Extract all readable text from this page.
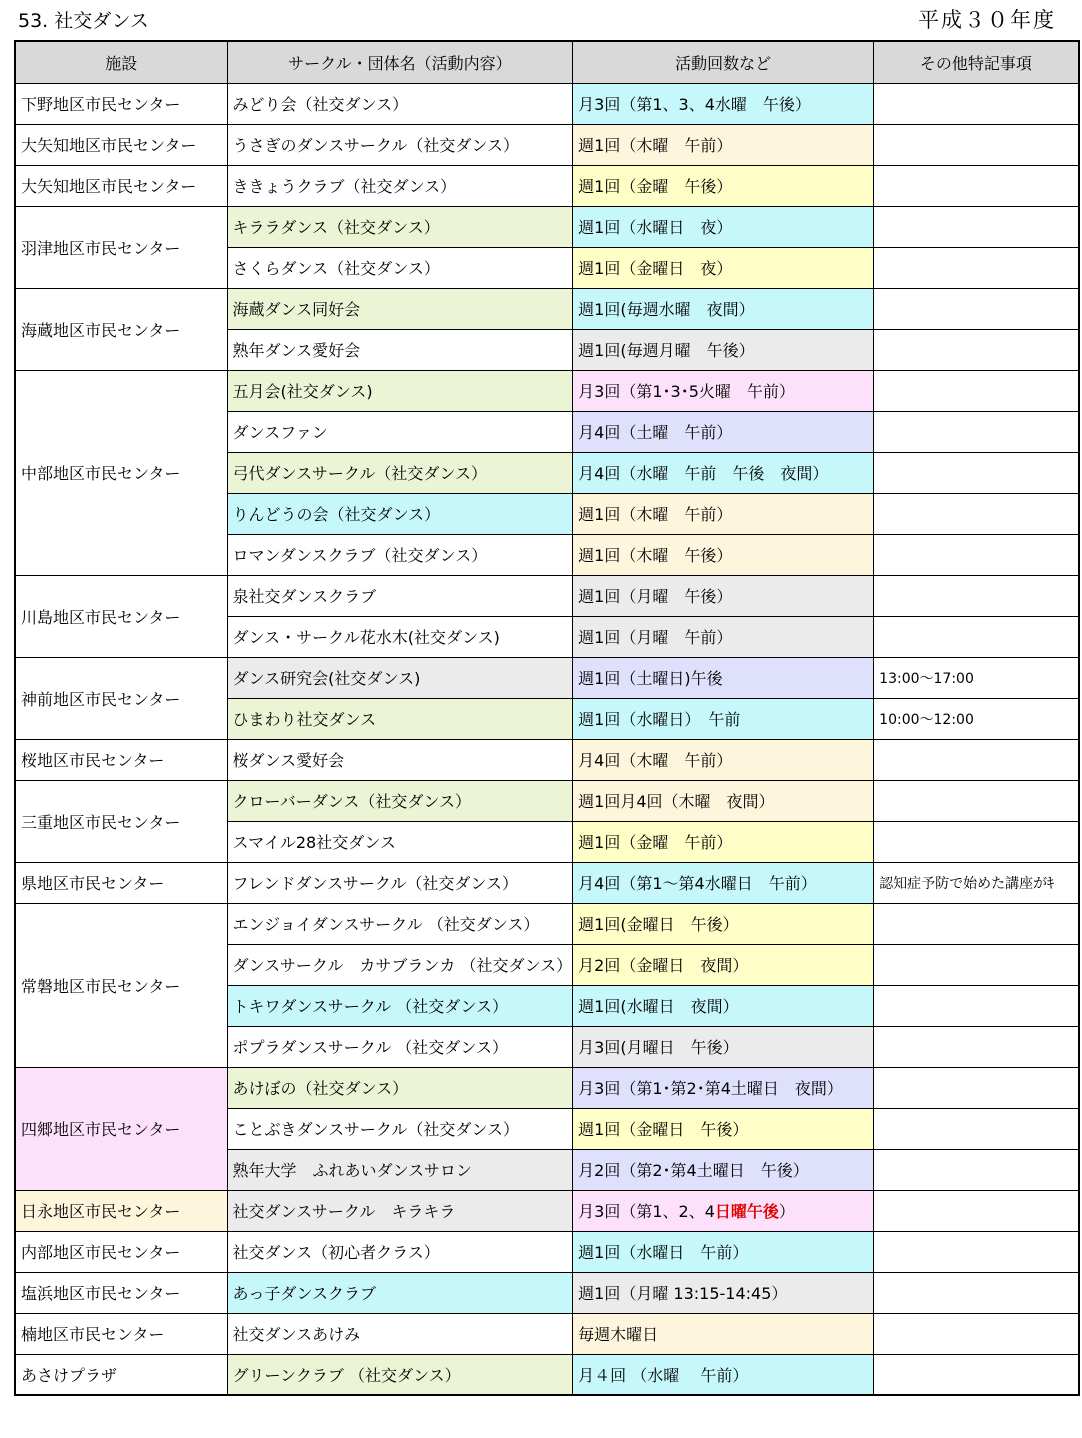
53. 社交ダンス	平成３０年度
施設	サークル・団体名（活動内容）	活動回数など	その他特記事項
下野地区市民センター	みどり会（社交ダンス）	月3回（第1、3、4水曜　午後）	
大矢知地区市民センター	うさぎのダンスサークル（社交ダンス）	週1回（木曜　午前）	
大矢知地区市民センター	ききょうクラブ（社交ダンス）	週1回（金曜　午後）	
羽津地区市民センター	キララダンス（社交ダンス）	週1回（水曜日　夜）	
	さくらダンス（社交ダンス）	週1回（金曜日　夜）	
海蔵地区市民センター	海蔵ダンス同好会	週1回(毎週水曜　夜間）	
	熟年ダンス愛好会	週1回(毎週月曜　午後）	
中部地区市民センター	五月会(社交ダンス)	月3回（第1･3･5火曜　午前）	
	ダンスファン	月4回（土曜　午前）	
	弓代ダンスサークル（社交ダンス）	月4回（水曜　午前　午後　夜間）	
	りんどうの会（社交ダンス）	週1回（木曜　午前）	
	ロマンダンスクラブ（社交ダンス）	週1回（木曜　午後）	
川島地区市民センター	泉社交ダンスクラブ	週1回（月曜　午後）	
	ダンス・サークル花水木(社交ダンス)	週1回（月曜　午前）	
神前地区市民センター	ダンス研究会(社交ダンス)	週1回（土曜日)午後	13:00～17:00
	ひまわり社交ダンス	週1回（水曜日）　午前	10:00～12:00
桜地区市民センター	桜ダンス愛好会	月4回（木曜　午前）	
三重地区市民センター	クローバーダンス（社交ダンス）	週1回月4回（木曜　夜間）	
	スマイル28社交ダンス	週1回（金曜　午前）	
県地区市民センター	フレンドダンスサークル（社交ダンス）	月4回（第1～第4水曜日　午前）	認知症予防で始めた講座がｷ
常磐地区市民センター	エンジョイダンスサークル （社交ダンス）	週1回(金曜日　午後）	
	ダンスサークル　カサブランカ （社交ダンス）	月2回（金曜日　夜間）	
	トキワダンスサークル （社交ダンス）	週1回(水曜日　夜間）	
	ポプラダンスサークル （社交ダンス）	月3回(月曜日　午後）	
四郷地区市民センター	あけぼの（社交ダンス）	月3回（第1･第2･第4土曜日　夜間）	
	ことぶきダンスサークル（社交ダンス）	週1回（金曜日　午後）	
	熟年大学　ふれあいダンスサロン	月2回（第2･第4土曜日　午後）	
日永地区市民センター	社交ダンスサークル　キラキラ	月3回（第1、2、4日曜午後）	
内部地区市民センター	社交ダンス（初心者クラス）	週1回（水曜日　午前）	
塩浜地区市民センター	あっ子ダンスクラブ	週1回（月曜 13:15-14:45）	
楠地区市民センター	社交ダンスあけみ	毎週木曜日	
あさけプラザ	グリーンクラブ （社交ダンス）	月４回 （水曜　 午前）	
